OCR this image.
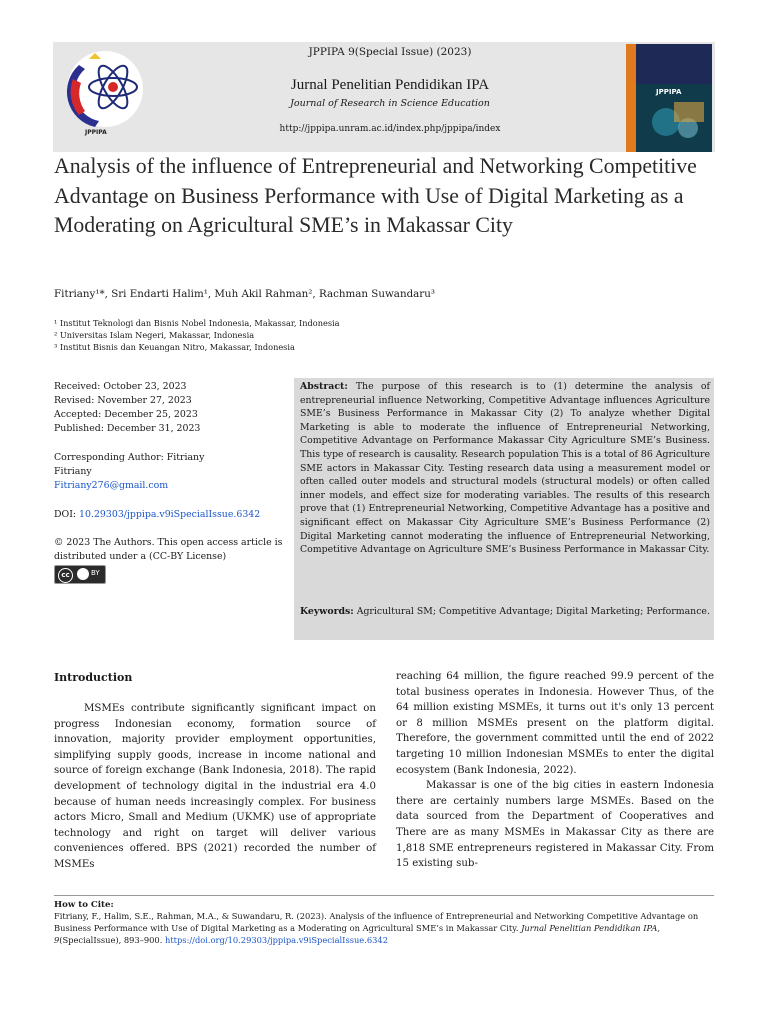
JPPIPA
JPPIPA 9(Special Issue) (2023)
Jurnal Penelitian Pendidikan IPA
Journal of Research in Science Education
http://jppipa.unram.ac.id/index.php/jppipa/index
JPPIPA
Analysis of the influence of Entrepreneurial and Networking Competitive Advantage on Business Performance with Use of Digital Marketing as a Moderating on Agricultural SME’s in Makassar City
Fitriany¹*, Sri Endarti Halim¹, Muh Akil Rahman², Rachman Suwandaru³
¹ Institut Teknologi dan Bisnis Nobel Indonesia, Makassar, Indonesia
² Universitas Islam Negeri, Makassar, Indonesia
³ Institut Bisnis dan Keuangan Nitro, Makassar, Indonesia
Received: October 23, 2023
Revised: November 27, 2023
Accepted: December 25, 2023
Published: December 31, 2023
Corresponding Author: Fitriany
Fitriany
Fitriany276@gmail.com
DOI: 10.29303/jppipa.v9iSpecialIssue.6342
© 2023 The Authors. This open access article is distributed under a (CC-BY License)
cc	BY
Abstract: The purpose of this research is to (1) determine the analysis of entrepreneurial influence Networking, Competitive Advantage influences Agriculture SME’s Business Performance in Makassar City (2) To analyze whether Digital Marketing is able to moderate the influence of Entrepreneurial Networking, Competitive Advantage on Performance Makassar City Agriculture SME’s Business. This type of research is causality. Research population This is a total of 86 Agriculture SME actors in Makassar City. Testing research data using a measurement model or often called outer models and structural models (structural models) or often called inner models, and effect size for moderating variables. The results of this research prove that (1) Entrepreneurial Networking, Competitive Advantage has a positive and significant effect on Makassar City Agriculture SME’s Business Performance (2) Digital Marketing cannot moderating the influence of Entrepreneurial Networking, Competitive Advantage on Agriculture SME’s Business Performance in Makassar City.
Keywords: Agricultural SM; Competitive Advantage; Digital Marketing; Performance.
Introduction

MSMEs contribute significantly significant impact on progress Indonesian economy, formation source of innovation, majority provider employment opportunities, simplifying supply goods, increase in income national and source of foreign exchange (Bank Indonesia, 2018). The rapid development of technology digital in the industrial era 4.0 because of human needs increasingly complex. For business actors Micro, Small and Medium (UKMK) use of appropriate technology and right on target will deliver various conveniences offered. BPS (2021) recorded the number of MSMEs

reaching 64 million, the figure reached 99.9 percent of the total business operates in Indonesia. However Thus, of the 64 million existing MSMEs, it turns out it's only 13 percent or 8 million MSMEs present on the platform digital. Therefore, the government committed until the end of 2022 targeting 10 million Indonesian MSMEs to enter the digital ecosystem (Bank Indonesia, 2022).

Makassar is one of the big cities in eastern Indonesia there are certainly numbers large MSMEs. Based on the data sourced from the Department of Cooperatives and There are as many MSMEs in Makassar City as there are 1,818 SME entrepreneurs registered in Makassar City. From 15 existing sub-

How to Cite:
Fitriany, F., Halim, S.E., Rahman, M.A., & Suwandaru, R. (2023). Analysis of the influence of Entrepreneurial and Networking Competitive Advantage on Business Performance with Use of Digital Marketing as a Moderating on Agricultural SME’s in Makassar City. Jurnal Penelitian Pendidikan IPA, 9(SpecialIssue), 893–900. https://doi.org/10.29303/jppipa.v9iSpecialIssue.6342
